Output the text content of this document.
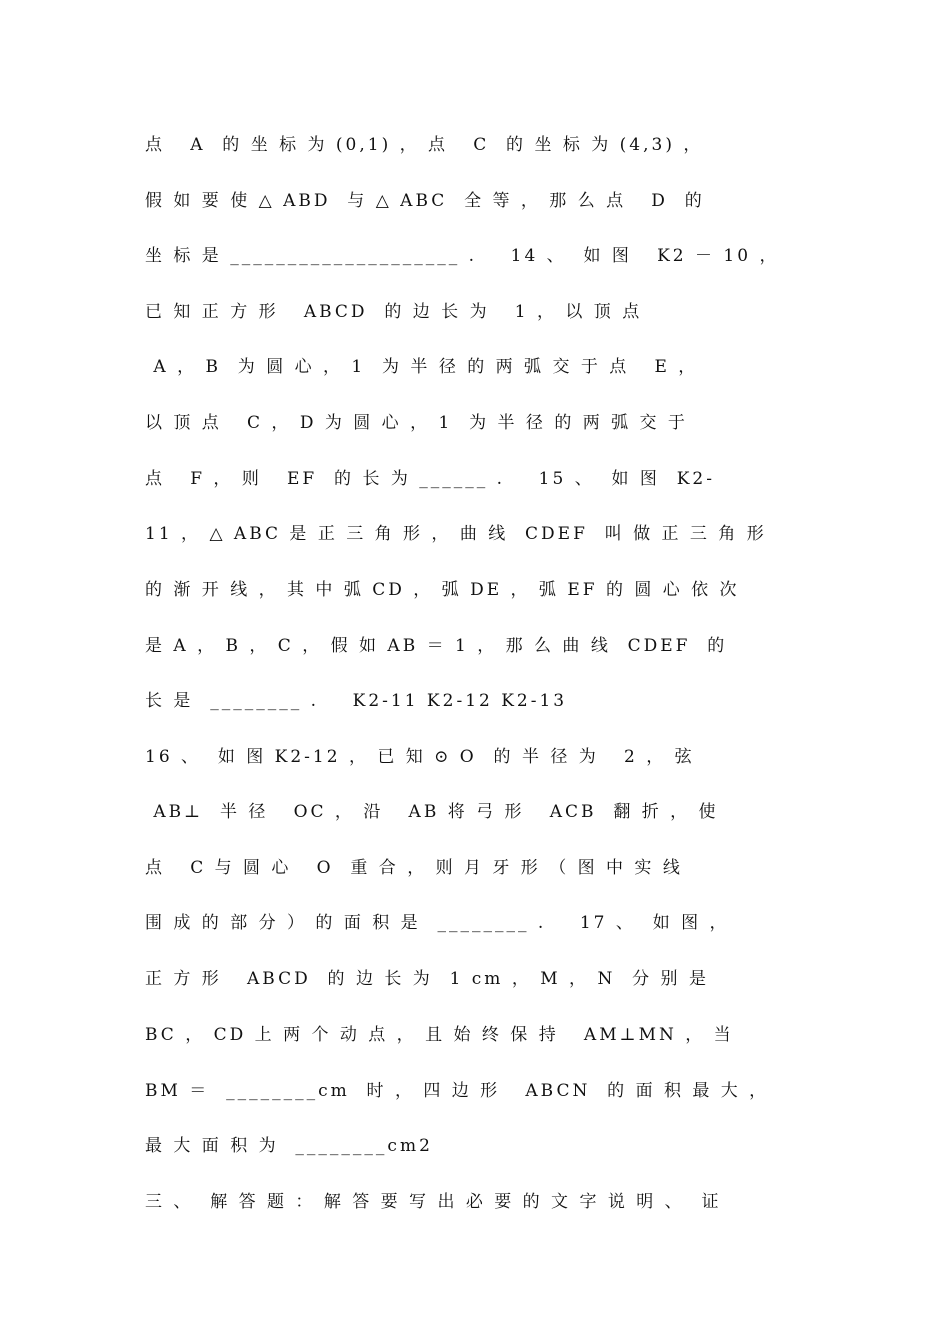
点   A  的 坐 标 为 (0,1) ， 点   C  的 坐 标 为 (4,3) ，
假 如 要 使 △ ABD  与 △ ABC  全 等 ， 那 么 点   D  的
坐 标 是 ____________________ .    14 、  如 图   K2 － 10 ，
已 知 正 方 形   ABCD  的 边 长 为   1 ， 以 顶 点
A ， B  为 圆 心 ， 1  为 半 径 的 两 弧 交 于 点   E ，
以 顶 点   C ， D 为 圆 心 ， 1  为 半 径 的 两 弧 交 于
点   F ， 则   EF  的 长 为 ______ .    15 、  如 图  K2-
11 ， △ ABC 是 正 三 角 形 ， 曲 线  CDEF  叫 做 正 三 角 形
的 渐 开 线 ， 其 中 弧 CD ， 弧 DE ， 弧 EF 的 圆 心 依 次
是 A ， B ， C ， 假 如 AB ＝ 1 ， 那 么 曲 线  CDEF  的
长 是  ________ .    K2-11 K2-12 K2-13
16 、  如 图 K2-12 ， 已 知 ⊙ O  的 半 径 为   2 ， 弦
AB⊥  半 径   OC ， 沿   AB 将 弓 形   ACB  翻 折 ， 使
点   C 与 圆 心   O  重 合 ， 则 月 牙 形 （ 图 中 实 线
围 成 的 部 分 ） 的 面 积 是  ________ .    17 、  如 图 ，
正 方 形   ABCD  的 边 长 为  1 cm ， M ， N  分 别 是
BC ， CD 上 两 个 动 点 ， 且 始 终 保 持   AM⊥MN ， 当
BM ＝  ________cm  时 ， 四 边 形   ABCN  的 面 积 最 大 ，
最 大 面 积 为  ________cm2
三 、  解 答 题 ： 解 答 要 写 出 必 要 的 文 字 说 明 、  证
